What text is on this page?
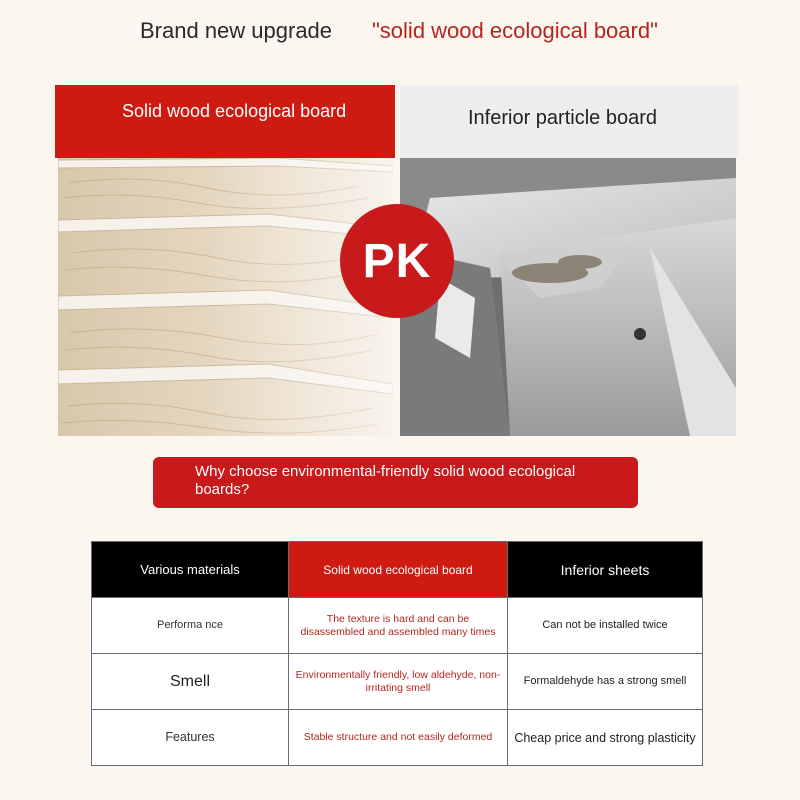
Brand new upgrade	"solid wood ecological board"
Solid wood ecological board	Inferior particle board
PK
Why choose environmental-friendly solid wood ecological boards?
Various materials	Solid wood ecological board	Inferior sheets
Performa nce	The texture is hard and can be disassembled and assembled many times	Can not be installed twice
Smell	Environmentally friendly, low aldehyde, non-irritating smell	Formaldehyde has a strong smell
Features	Stable structure and not easily deformed	Cheap price and strong plasticity
